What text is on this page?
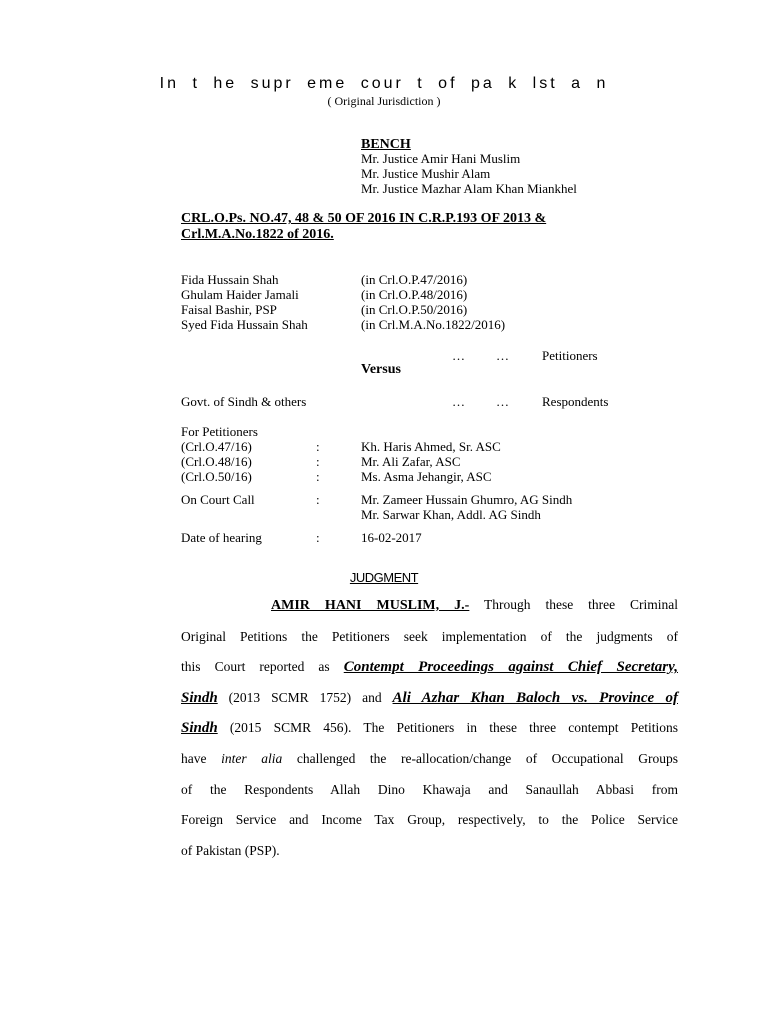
In t he supr eme cour t of pa k lst a n
( Original Jurisdiction )
BENCH
Mr. Justice Amir Hani Muslim
Mr. Justice Mushir Alam
Mr. Justice Mazhar Alam Khan Miankhel
CRL.O.Ps. NO.47, 48 & 50 OF 2016 IN C.R.P.193 OF 2013 &
Crl.M.A.No.1822 of 2016.
Fida Hussain Shah	(in Crl.O.P.47/2016)
Ghulam Haider Jamali	(in Crl.O.P.48/2016)
Faisal Bashir, PSP	(in Crl.O.P.50/2016)
Syed Fida Hussain Shah	(in Crl.M.A.No.1822/2016)
… …	Petitioners
Versus
Govt. of Sindh & others	… …	Respondents
For Petitioners
(Crl.O.47/16)	:	Kh. Haris Ahmed, Sr. ASC
(Crl.O.48/16)	:	Mr. Ali Zafar, ASC
(Crl.O.50/16)	:	Ms. Asma Jehangir, ASC
On Court Call	:	Mr. Zameer Hussain Ghumro, AG Sindh
Mr. Sarwar Khan, Addl. AG Sindh
Date of hearing	:	16-02-2017
JUDGMENT
AMIR HANI MUSLIM, J.- Through these three Criminal
Original Petitions the Petitioners seek implementation of the judgments of
this Court reported as Contempt Proceedings against Chief Secretary,
Sindh (2013 SCMR 1752) and Ali Azhar Khan Baloch vs. Province of
Sindh (2015 SCMR 456). The Petitioners in these three contempt Petitions
have inter alia challenged the re-allocation/change of Occupational Groups
of the Respondents Allah Dino Khawaja and Sanaullah Abbasi from
Foreign Service and Income Tax Group, respectively, to the Police Service
of Pakistan (PSP).
